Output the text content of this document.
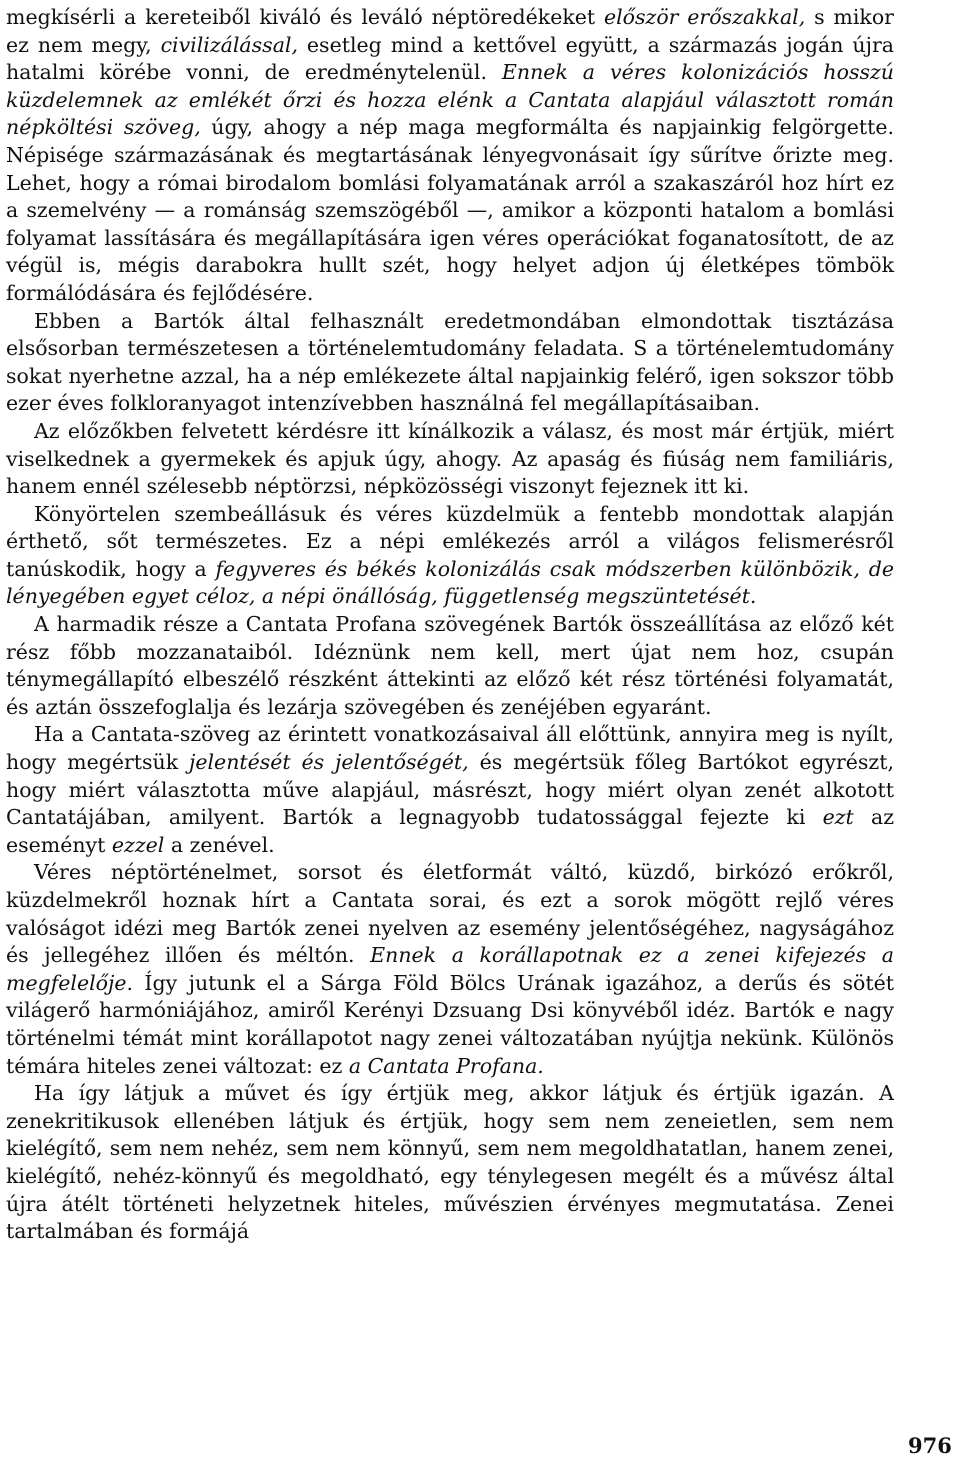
megkísérli a kereteiből kiváló és leváló néptöredékeket először erőszakkal, s mikor ez nem megy, civilizálással, esetleg mind a kettővel együtt, a származás jogán újra hatalmi körébe vonni, de eredménytelenül. Ennek a véres kolonizációs hosszú küzdelemnek az emlékét őrzi és hozza elénk a Cantata alapjául választott román népköltési szöveg, úgy, ahogy a nép maga megformálta és napjainkig felgörgette. Népisége származásának és megtartásának lényegvonásait így sűrítve őrizte meg. Lehet, hogy a római birodalom bomlási folyamatának arról a szakaszáról hoz hírt ez a szemelvény — a románság szemszögéből —, amikor a központi hatalom a bomlási folyamat lassítására és megállapítására igen véres operációkat foganatosított, de az végül is, mégis darabokra hullt szét, hogy helyet adjon új életképes tömbök formálódására és fejlődésére.

Ebben a Bartók által felhasznált eredetmondában elmondottak tisztázása elsősorban természetesen a történelemtudomány feladata. S a történelemtudomány sokat nyerhetne azzal, ha a nép emlékezete által napjainkig felérő, igen sokszor több ezer éves folkloranyagot intenzívebben használná fel megállapításaiban.

Az előzőkben felvetett kérdésre itt kínálkozik a válasz, és most már értjük, miért viselkednek a gyermekek és apjuk úgy, ahogy. Az apaság és fiúság nem familiáris, hanem ennél szélesebb néptörzsi, népközösségi viszonyt fejeznek itt ki.

Könyörtelen szembeállásuk és véres küzdelmük a fentebb mondottak alapján érthető, sőt természetes. Ez a népi emlékezés arról a világos felismerésről tanúskodik, hogy a fegyveres és békés kolonizálás csak módszerben különbözik, de lényegében egyet céloz, a népi önállóság, függetlenség megszüntetését.

A harmadik része a Cantata Profana szövegének Bartók összeállítása az előző két rész főbb mozzanataiból. Idéznünk nem kell, mert újat nem hoz, csupán ténymegállapító elbeszélő részként áttekinti az előző két rész történési folyamatát, és aztán összefoglalja és lezárja szövegében és zenéjében egyaránt.

Ha a Cantata-szöveg az érintett vonatkozásaival áll előttünk, annyira meg is nyílt, hogy megértsük jelentését és jelentőségét, és megértsük főleg Bartókot egyrészt, hogy miért választotta műve alapjául, másrészt, hogy miért olyan zenét alkotott Cantatájában, amilyent. Bartók a legnagyobb tudatossággal fejezte ki ezt az eseményt ezzel a zenével.

Véres néptörténelmet, sorsot és életformát váltó, küzdő, birkózó erőkről, küzdelmekről hoznak hírt a Cantata sorai, és ezt a sorok mögött rejlő véres valóságot idézi meg Bartók zenei nyelven az esemény jelentőségéhez, nagyságához és jellegéhez illően és méltón. Ennek a korállapotnak ez a zenei kifejezés a megfelelője. Így jutunk el a Sárga Föld Bölcs Urának igazához, a derűs és sötét világerő harmóniájához, amiről Kerényi Dzsuang Dsi könyvéből idéz. Bartók e nagy történelmi témát mint korállapotot nagy zenei változatában nyújtja nekünk. Különös témára hiteles zenei változat: ez a Cantata Profana.

Ha így látjuk a művet és így értjük meg, akkor látjuk és értjük igazán. A zenekritikusok ellenében látjuk és értjük, hogy sem nem zeneietlen, sem nem kielégítő, sem nem nehéz, sem nem könnyű, sem nem megoldhatatlan, hanem zenei, kielégítő, nehéz-könnyű és megoldható, egy ténylegesen megélt és a művész által újra átélt történeti helyzetnek hiteles, művészien érvényes megmutatása. Zenei tartalmában és formájá

976
